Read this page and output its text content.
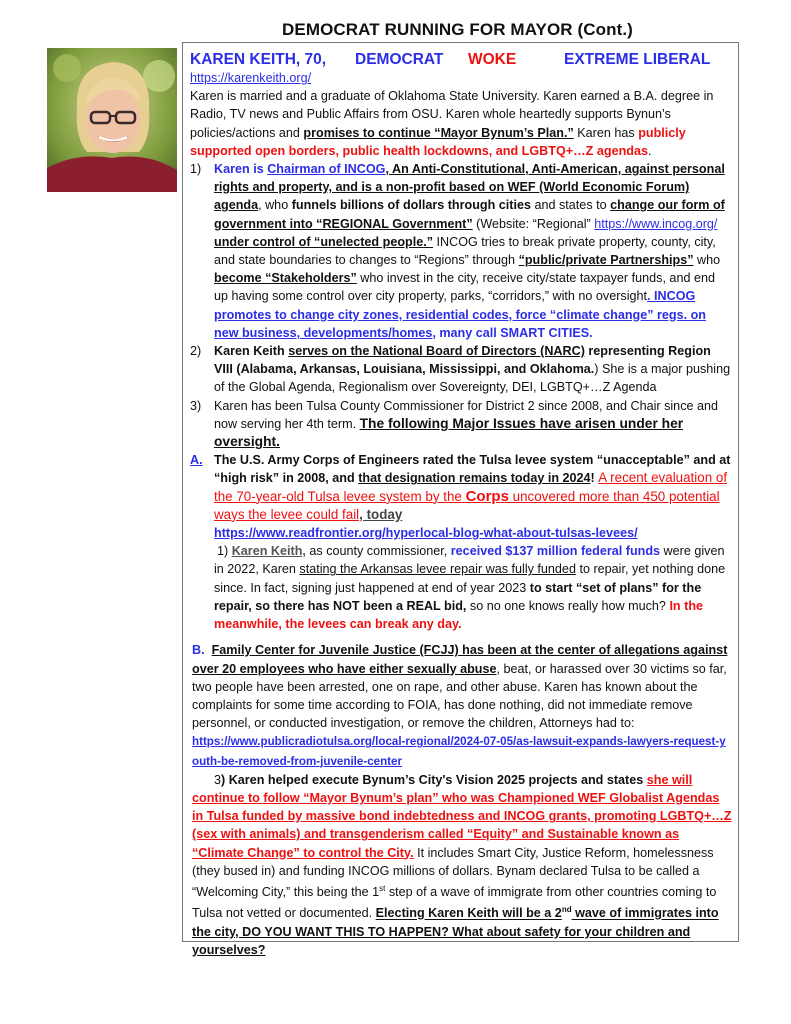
DEMOCRAT RUNNING FOR MAYOR (Cont.)
KAREN KEITH, 70, DEMOCRAT WOKE	EXTREME LIBERAL

https://karenkeith.org/

Karen is married and a graduate of Oklahoma State University. Karen earned a B.A. degree in Radio, TV news and Public Affairs from OSU. Karen whole heartedly supports Bynun’s policies/actions and promises to continue “Mayor Bynum’s Plan.” Karen has publicly supported open borders, public health lockdowns, and LGBTQ+…Z agendas.

1) Karen is Chairman of INCOG, An Anti-Constitutional, Anti-American, against personal rights and property, and is a non-profit based on WEF (World Economic Forum) agenda, who funnels billions of dollars through cities and states to change our form of government into “REGIONAL Government” (Website: “Regional” https://www.incog.org/ under control of “unelected people.” INCOG tries to break private property, county, city, and state boundaries to changes to “Regions” through “public/private Partnerships” who become “Stakeholders” who invest in the city, receive city/state taxpayer funds, and end up having some control over city property, parks, “corridors,” with no oversight. INCOG promotes to change city zones, residential codes, force “climate change” regs. on new business, developments/homes, many call SMART CITIES.

2) Karen Keith serves on the National Board of Directors (NARC) representing Region VIII (Alabama, Arkansas, Louisiana, Mississippi, and Oklahoma.) She is a major pushing of the Global Agenda, Regionalism over Sovereignty, DEI, LGBTQ+…Z Agenda

3) Karen has been Tulsa County Commissioner for District 2 since 2008, and Chair since and now serving her 4th term. The following Major Issues have arisen under her oversight.

A. The U.S. Army Corps of Engineers rated the Tulsa levee system “unacceptable” and at “high risk” in 2008, and that designation remains today in 2024! A recent evaluation of the 70-year-old Tulsa levee system by the Corps uncovered more than 450 potential ways the levee could fail, today

https://www.readfrontier.org/hyperlocal-blog-what-about-tulsas-levees/

1) Karen Keith, as county commissioner, received $137 million federal funds were given in 2022, Karen stating the Arkansas levee repair was fully funded to repair, yet nothing done since. In fact, signing just happened at end of year 2023 to start “set of plans” for the repair, so there has NOT been a REAL bid, so no one knows really how much? In the meanwhile, the levees can break any day.

B. Family Center for Juvenile Justice (FCJJ) has been at the center of allegations against over 20 employees who have either sexually abuse, beat, or harassed over 30 victims so far, two people have been arrested, one on rape, and other abuse. Karen has known about the complaints for some time according to FOIA, has done nothing, did not immediate remove personnel, or conducted investigation, or remove the children, Attorneys had to:

https://www.publicradiotulsa.org/local-regional/2024-07-05/as-lawsuit-expands-lawyers-request-youth-be-removed-from-juvenile-center

3) Karen helped execute Bynum’s City's Vision 2025 projects and states she will continue to follow “Mayor Bynum’s plan” who was Championed WEF Globalist Agendas in Tulsa funded by massive bond indebtedness and INCOG grants, promoting LGBTQ+…Z (sex with animals) and transgenderism called “Equity” and Sustainable known as “Climate Change” to control the City. It includes Smart City, Justice Reform, homelessness (they bused in) and funding INCOG millions of dollars. Bynam declared Tulsa to be called a “Welcoming City,” this being the 1st step of a wave of immigrate from other countries coming to Tulsa not vetted or documented. Electing Karen Keith will be a 2nd wave of immigrates into the city, DO YOU WANT THIS TO HAPPEN? What about safety for your children and yourselves?
